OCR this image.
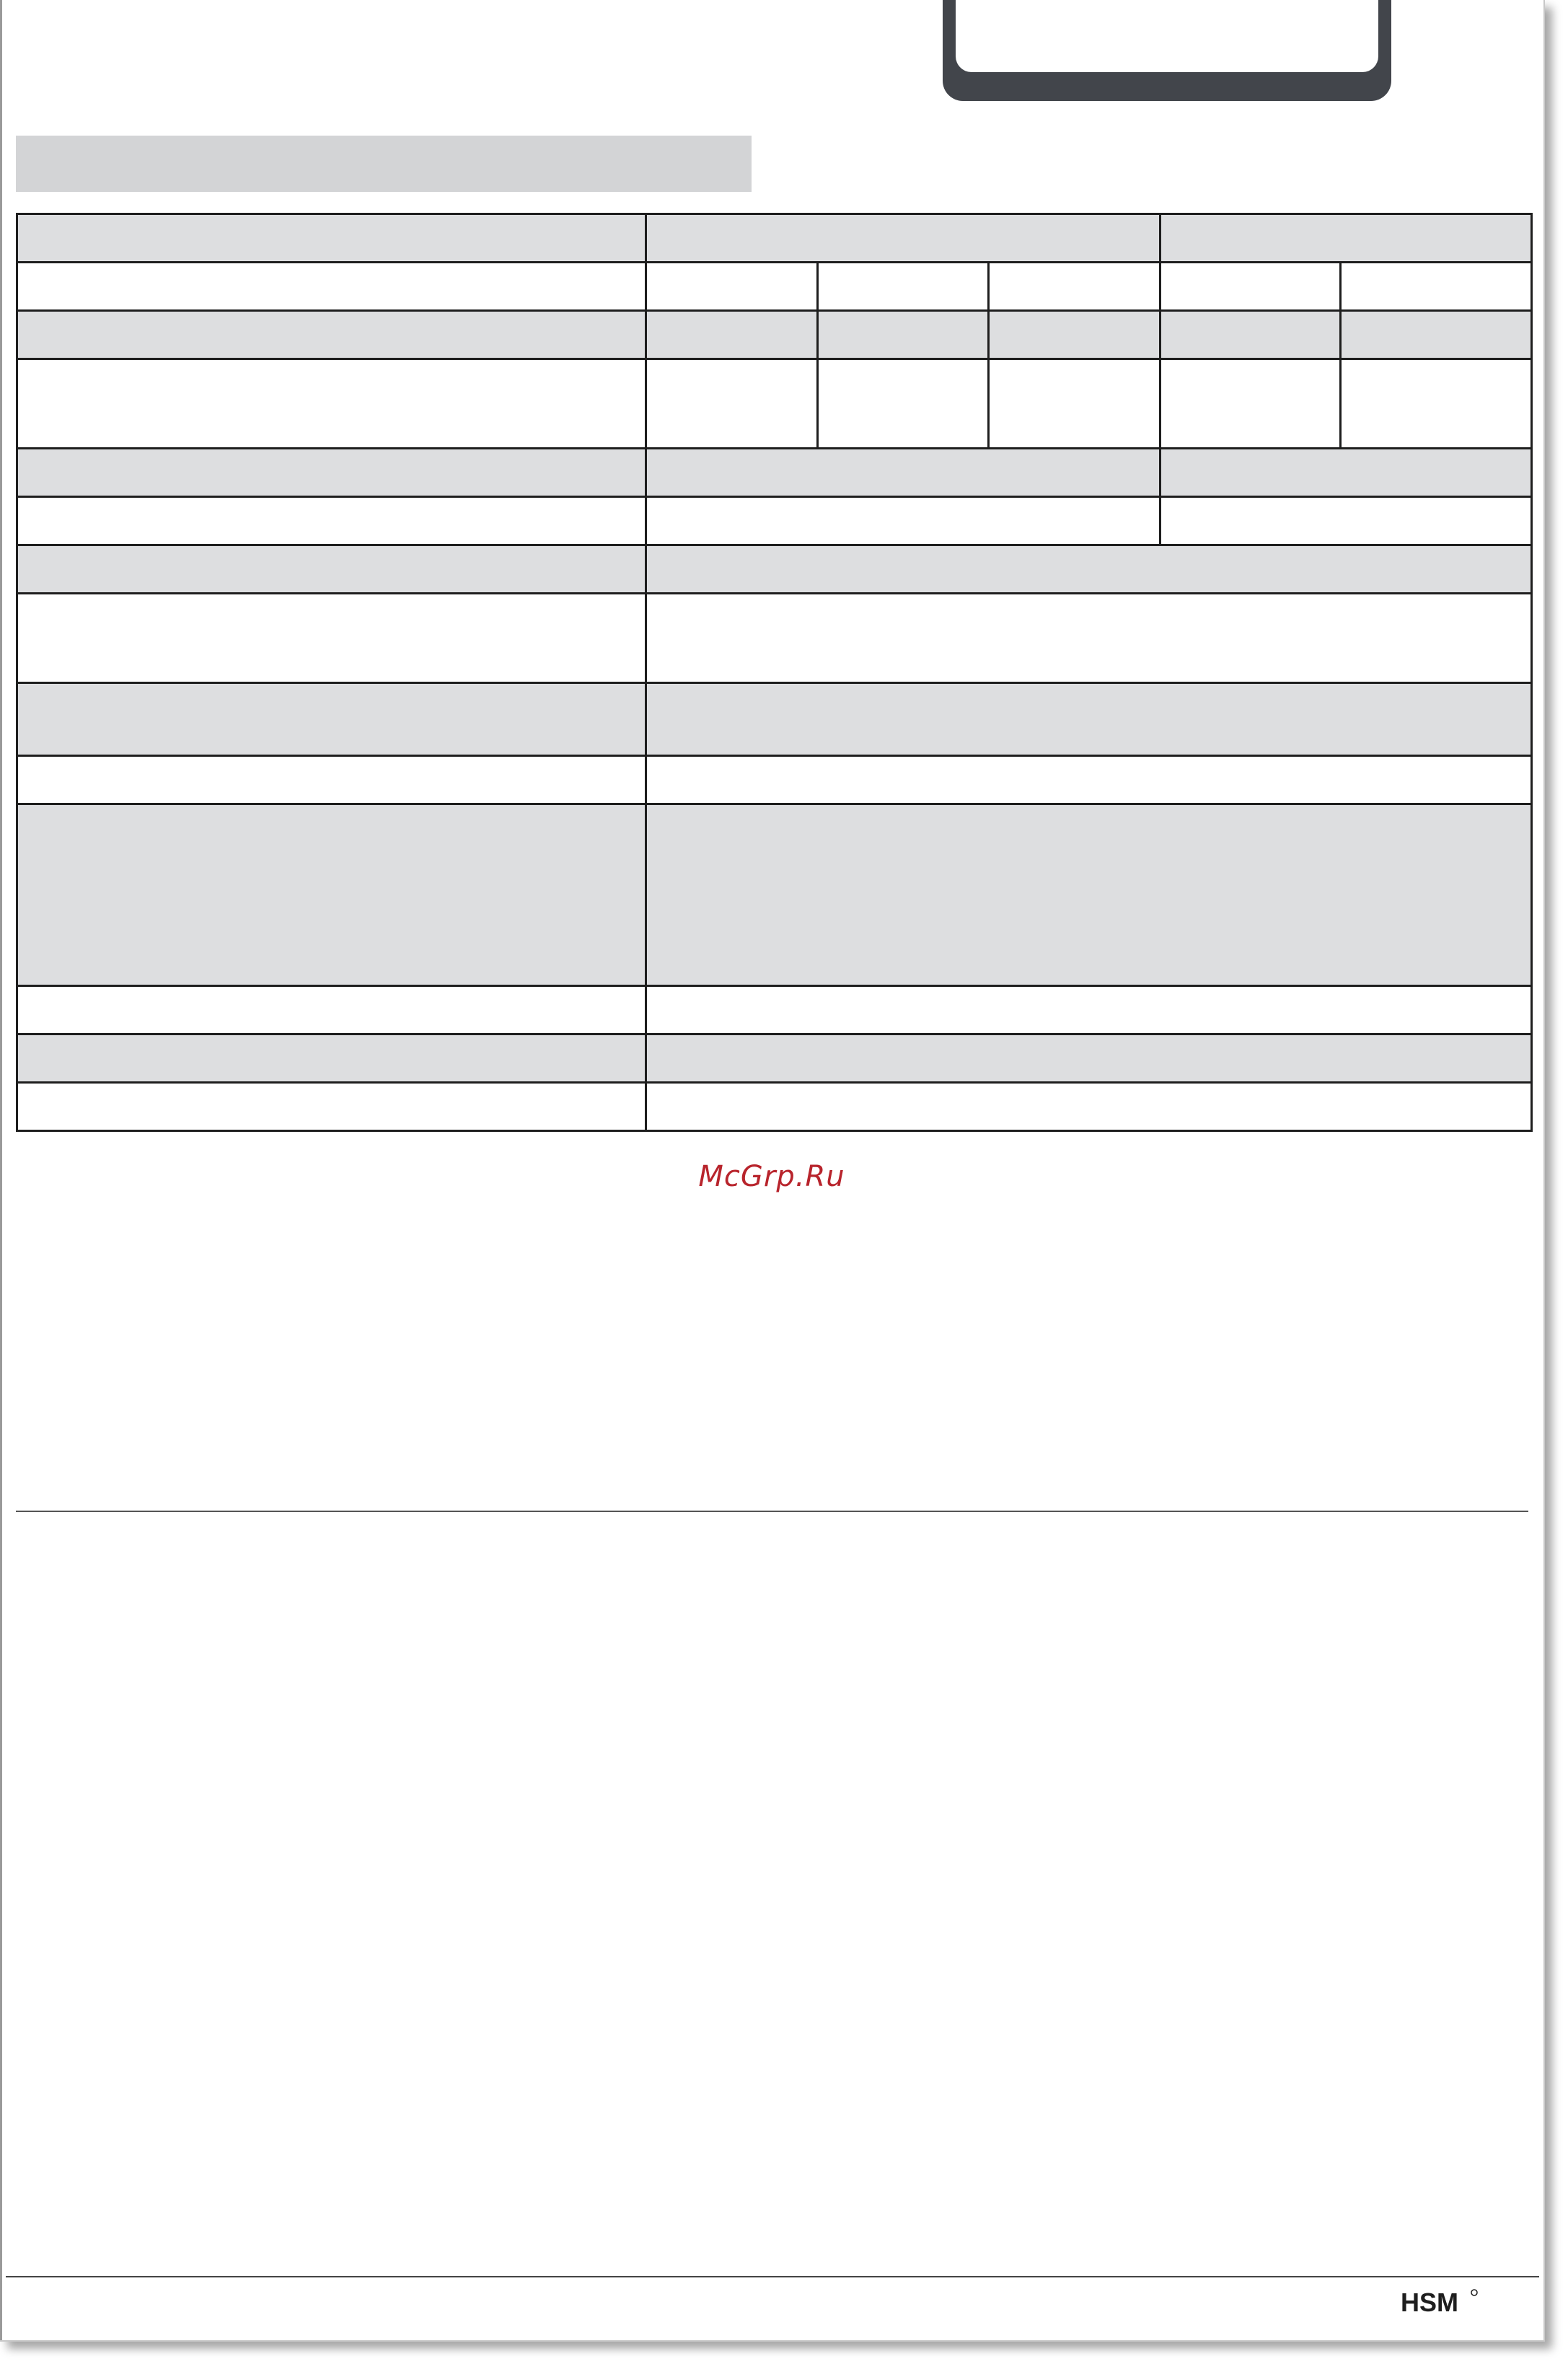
McGrp.Ru
HSM
